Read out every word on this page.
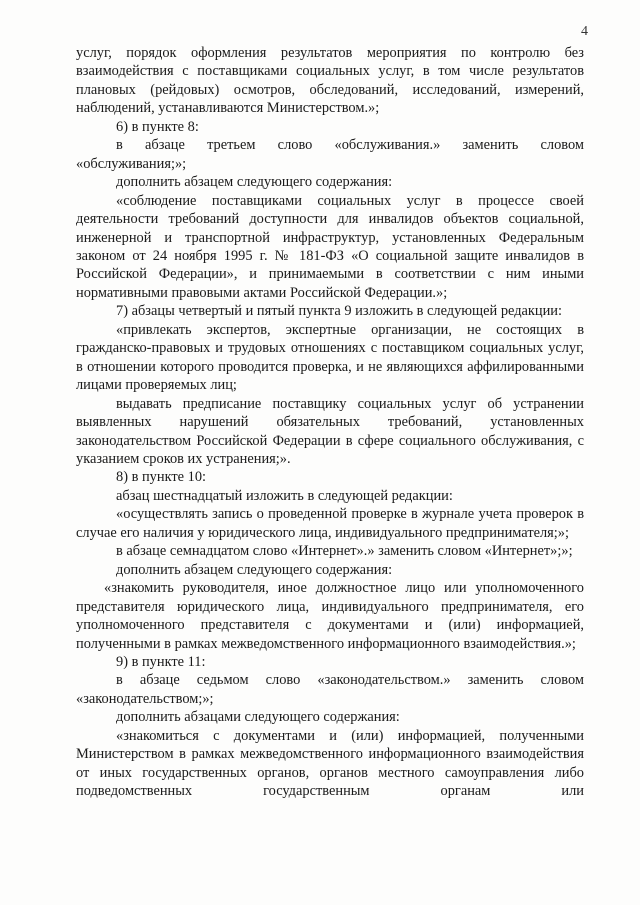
4

услуг, порядок оформления результатов мероприятия по контролю без взаимодействия с поставщиками социальных услуг, в том числе результатов плановых (рейдовых) осмотров, обследований, исследований, измерений, наблюдений, устанавливаются Министерством.»;

6) в пункте 8:

в абзаце третьем слово «обслуживания.» заменить словом «обслуживания;»;

дополнить абзацем следующего содержания:

«соблюдение поставщиками социальных услуг в процессе своей деятельности требований доступности для инвалидов объектов социальной, инженерной и транспортной инфраструктур, установленных Федеральным законом от 24 ноября 1995 г. № 181-ФЗ «О социальной защите инвалидов в Российской Федерации», и принимаемыми в соответствии с ним иными нормативными правовыми актами Российской Федерации.»;

7) абзацы четвертый и пятый пункта 9 изложить в следующей редакции:

«привлекать экспертов, экспертные организации, не состоящих в гражданско-правовых и трудовых отношениях с поставщиком социальных услуг, в отношении которого проводится проверка, и не являющихся аффилированными лицами проверяемых лиц;

выдавать предписание поставщику социальных услуг об устранении выявленных нарушений обязательных требований, установленных законодательством Российской Федерации в сфере социального обслуживания, с указанием сроков их устранения;».

8) в пункте 10:

абзац шестнадцатый изложить в следующей редакции:

«осуществлять запись о проведенной проверке в журнале учета проверок в случае его наличия у юридического лица, индивидуального предпринимателя;»;

в абзаце семнадцатом слово «Интернет».» заменить словом «Интернет»;»;

дополнить абзацем следующего содержания:

«знакомить руководителя, иное должностное лицо или уполномоченного представителя юридического лица, индивидуального предпринимателя, его уполномоченного представителя с документами и (или) информацией, полученными в рамках межведомственного информационного взаимодействия.»;

9) в пункте 11:

в абзаце седьмом слово «законодательством.» заменить словом «законодательством;»;

дополнить абзацами следующего содержания:

«знакомиться с документами и (или) информацией, полученными Министерством в рамках межведомственного информационного взаимодействия от иных государственных органов, органов местного самоуправления либо подведомственных государственным органам или
